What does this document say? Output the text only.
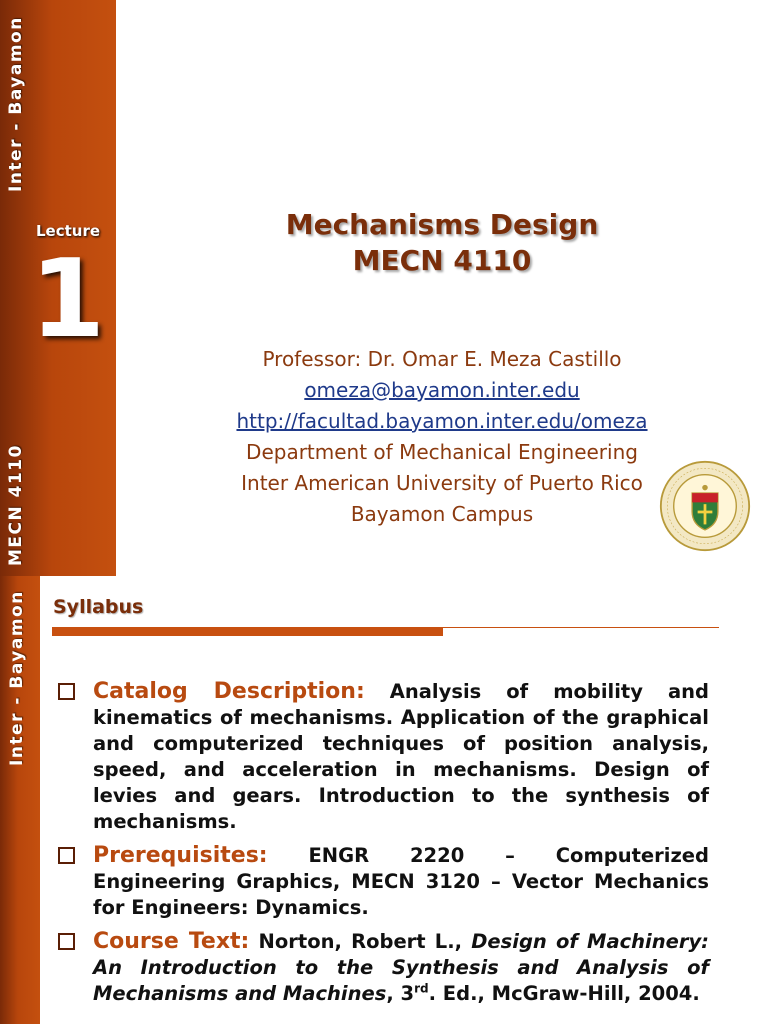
Inter - Bayamon
Lecture
1
MECN 4110
Mechanisms Design
MECN 4110
Professor: Dr. Omar E. Meza Castillo
omeza@bayamon.inter.edu
http://facultad.bayamon.inter.edu/omeza
Department of Mechanical Engineering
Inter American University of Puerto Rico
Bayamon Campus
Inter - Bayamon Syllabus
Catalog Description: Analysis of mobility and kinematics of mechanisms. Application of the graphical and computerized techniques of position analysis, speed, and acceleration in mechanisms. Design of levies and gears. Introduction to the synthesis of mechanisms.
Prerequisites: ENGR 2220 – Computerized Engineering Graphics, MECN 3120 – Vector Mechanics for Engineers: Dynamics.
Course Text: Norton, Robert L., Design of Machinery: An Introduction to the Synthesis and Analysis of Mechanisms and Machines, 3rd. Ed., McGraw-Hill, 2004.
